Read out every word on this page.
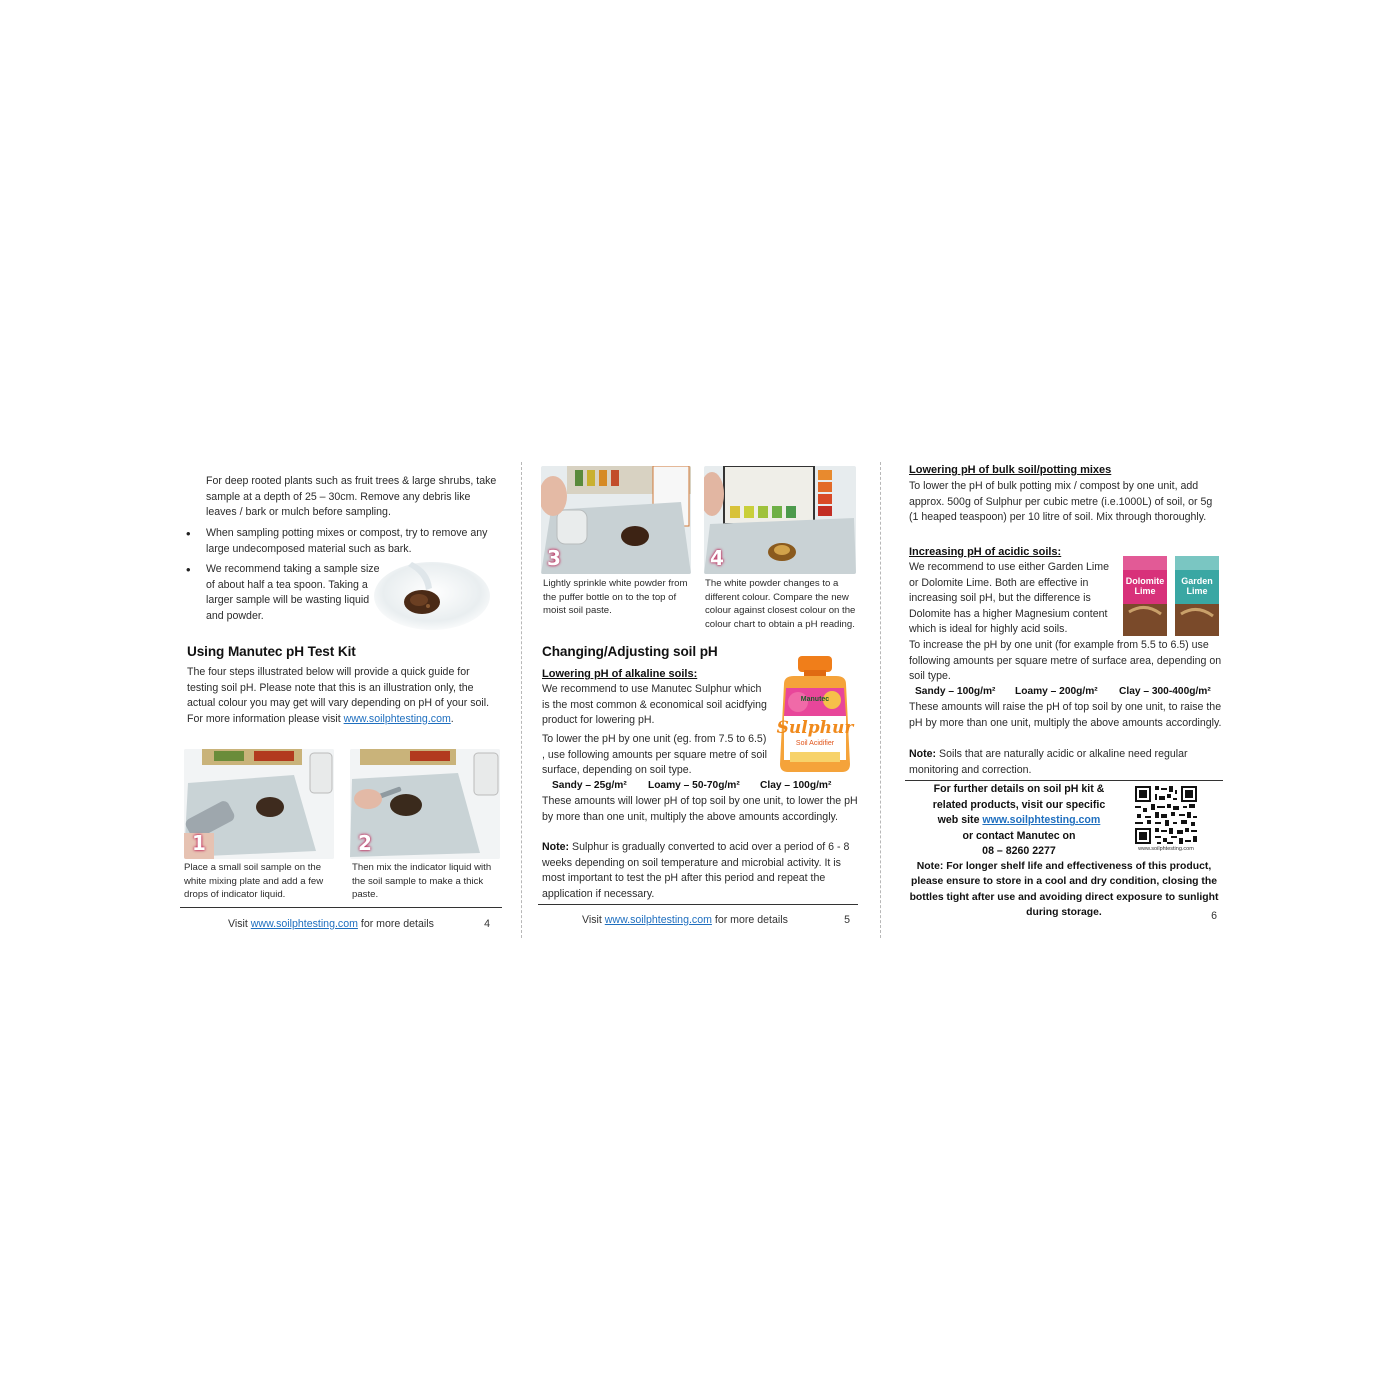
For deep rooted plants such as fruit trees & large shrubs, take sample at a depth of 25 – 30cm. Remove any debris like leaves / bark or mulch before sampling.

• When sampling potting mixes or compost, try to remove any large undecomposed material such as bark.
• We recommend taking a sample size of about half a tea spoon. Taking a larger sample will be wasting liquid and powder.
Using Manutec pH Test Kit

The four steps illustrated below will provide a quick guide for testing soil pH. Please note that this is an illustration only, the actual colour you may get will vary depending on pH of your soil.
For more information please visit www.soilphtesting.com.

1

Place a small soil sample on the white mixing plate and add a few drops of indicator liquid.

2

Then mix the indicator liquid with the soil sample to make a thick paste.

Visit www.soilphtesting.com for more details	4
3

Lightly sprinkle white powder from the puffer bottle on to the top of moist soil paste.

4

The white powder changes to a different colour. Compare the new colour against closest colour on the colour chart to obtain a pH reading.

Changing/Adjusting soil pH
Lowering pH of alkaline soils:

We recommend to use Manutec Sulphur which is the most common & economical soil acidfying product for lowering pH.

To lower the pH by one unit (eg. from 7.5 to 6.5) , use following amounts per square metre of soil surface, depending on soil type.

Manutec
Sulphur
Soil Acidifier
Sandy – 25g/m²	Loamy – 50-70g/m²	Clay – 100g/m²

These amounts will lower pH of top soil by one unit, to lower the pH by more than one unit, multiply the above amounts accordingly.

Note: Sulphur is gradually converted to acid over a period of 6 - 8 weeks depending on soil temperature and microbial activity. It is most important to test the pH after this period and repeat the application if necessary.

Visit www.soilphtesting.com for more details	5
Lowering pH of bulk soil/potting mixes

To lower the pH of bulk potting mix / compost by one unit, add approx. 500g of Sulphur per cubic metre (i.e.1000L) of soil, or 5g (1 heaped teaspoon) per 10 litre of soil. Mix through thoroughly.

Increasing pH of acidic soils:

We recommend to use either Garden Lime or Dolomite Lime. Both are effective in increasing soil pH, but the difference is Dolomite has a higher Magnesium content which is ideal for highly acid soils.

Dolomite Lime
Garden Lime

To increase the pH by one unit (for example from 5.5 to 6.5) use following amounts per square metre of surface area, depending on soil type.

Sandy – 100g/m²	Loamy – 200g/m²	Clay – 300-400g/m²

These amounts will raise the pH of top soil by one unit, to raise the pH by more than one unit, multiply the above amounts accordingly.

Note: Soils that are naturally acidic or alkaline need regular monitoring and correction.

For further details on soil pH kit &
related products, visit our specific
web site www.soilphtesting.com
or contact Manutec on
08 – 8260 2277	www.soilphtesting.com

Note: For longer shelf life and effectiveness of this product, please ensure to store in a cool and dry condition, closing the bottles tight after use and avoiding direct exposure to sunlight during storage.	6
